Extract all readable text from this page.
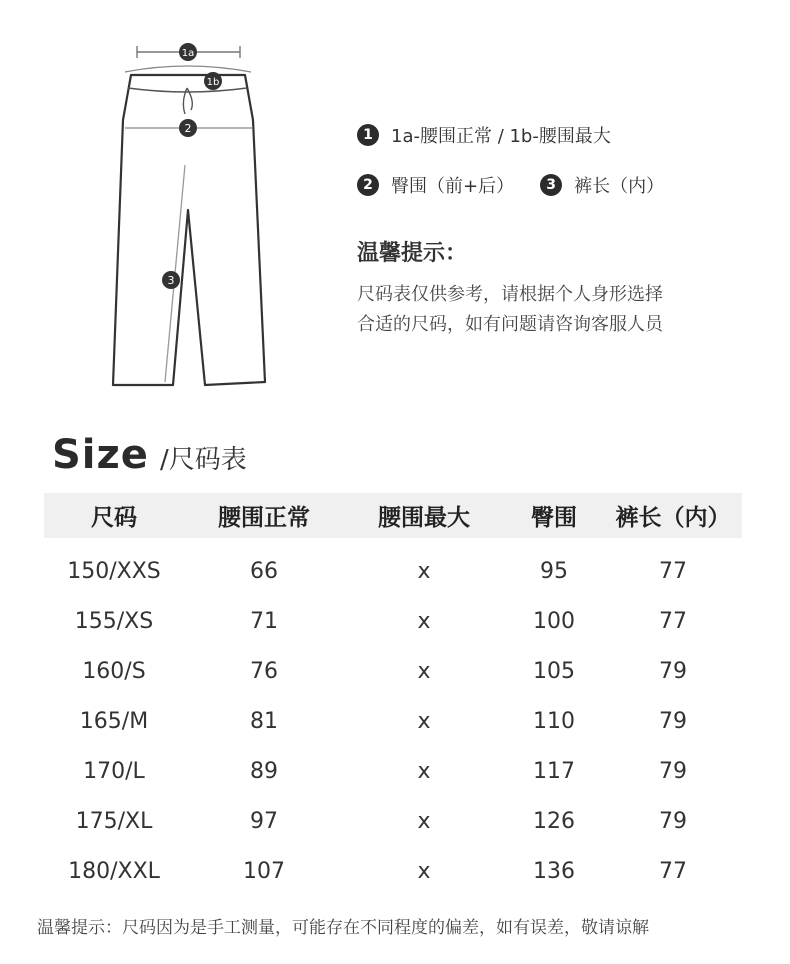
1a
1b
2
3
1	1a-腰围正常 / 1b-腰围最大
2	臀围（前+后）	3	裤长（内）
温馨提示：
尺码表仅供参考，请根据个人身形选择
合适的尺码，如有问题请咨询客服人员
Size /尺码表
尺码	腰围正常	腰围最大	臀围	裤长（内）
150/XXS	66	x	95	77
155/XS	71	x	100	77
160/S	76	x	105	79
165/M	81	x	110	79
170/L	89	x	117	79
175/XL	97	x	126	79
180/XXL	107	x	136	77
温馨提示：尺码因为是手工测量，可能存在不同程度的偏差，如有误差，敬请谅解
